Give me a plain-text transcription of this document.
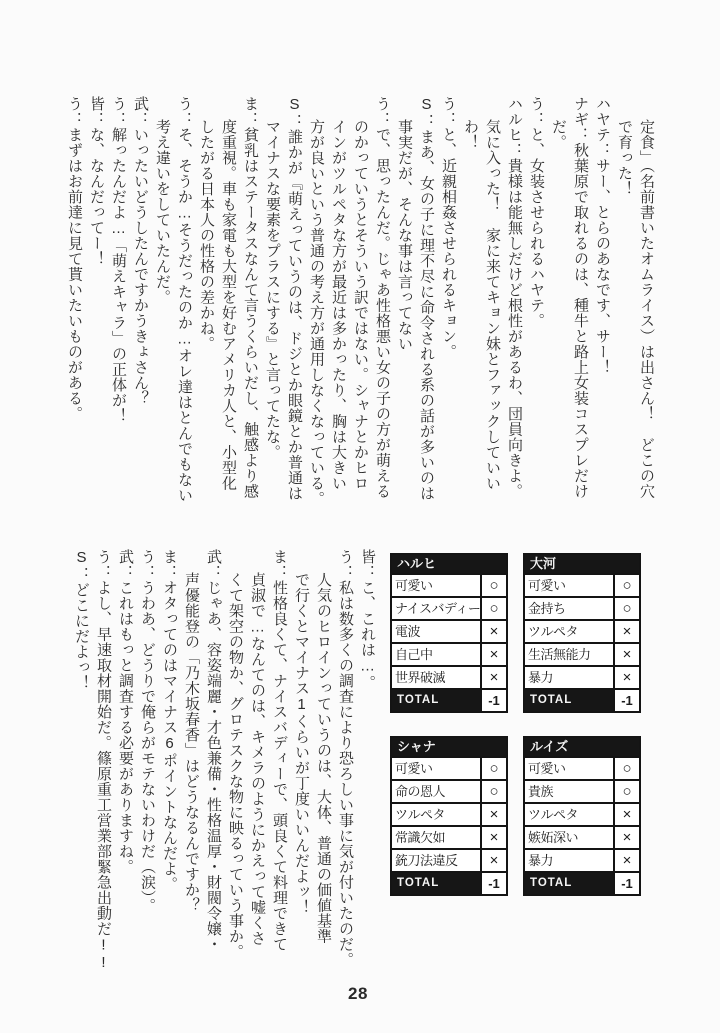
定食」（名前書いたオムライス）は出さん！　どこの穴
で育った！
ハヤテ：サー、とらのあなです、サー！
ナギ：秋葉原で取れるのは、種牛と路上女装コスプレだけ
だ。
う：と、女装させられるハヤテ。
ハルヒ：貴様は能無しだけど根性があるわ、団員向きよ。
気に入った！　家に来てキョン妹とファックしていい
わ！
う：と、近親相姦させられるキョン。
S：まあ、女の子に理不尽に命令される系の話が多いのは
事実だが、そんな事は言ってない
う：で、思ったんだ。じゃあ性格悪い女の子の方が萌える
のかっていうとそういう訳ではない。シャナとかヒロ
インがツルペタな方が最近は多かったり、胸は大きい
方が良いという普通の考え方が通用しなくなっている。
S：誰かが『萌えっていうのは、ドジとか眼鏡とか普通は
マイナスな要素をプラスにする』と言ってたな。
ま：貧乳はステータスなんて言うくらいだし、触感より感
度重視。車も家電も大型を好むアメリカ人と、小型化
したがる日本人の性格の差かね。
う：そ、そうか…そうだったのか…オレ達はとんでもない
考え違いをしていたんだ。
武：いったいどうしたんですかうきょさん？
う：解ったんだよ…「萌えキャラ」の正体が！
皆：な、なんだってー！
う：まずはお前達に見て貰いたいものがある。
皆：こ、これは…。
う：私は数多くの調査により恐ろしい事に気が付いたのだ。
人気のヒロインっていうのは、大体、普通の価値基準
で行くとマイナス1くらいが丁度いいんだよッ！
ま：性格良くて、ナイスバディーで、頭良くて料理できて
貞淑で…なんてのは、キメラのようにかえって嘘くさ
くて架空の物か、グロテスクな物に映るっていう事か。
武：じゃあ、容姿端麗・才色兼備・性格温厚・財閥令嬢・
声優能登の「乃木坂春香」はどうなるんですか？
ま：オタってのはマイナス6ポイントなんだよ。
う：うわあ、どうりで俺らがモテないわけだ（涙）。
武：これはもっと調査する必要がありますね。
う：よし、早速取材開始だ。篠原重工営業部緊急出動だ!!
S：どこにだよっ！	ハルヒ
可愛い	○
ナイスバディー ○
電波	×
自己中	×
世界破滅	×
TOTAL	-1
大河
可愛い	○
金持ち	○
ツルペタ	×
生活無能力	×
暴力	×
TOTAL	-1
シャナ
可愛い	○
命の恩人	○
ツルペタ	×
常識欠如	×
銃刀法違反	×
TOTAL	-1
ルイズ
可愛い	○
貴族	○
ツルペタ	×
嫉妬深い	×
暴力	×
TOTAL	-1
28
